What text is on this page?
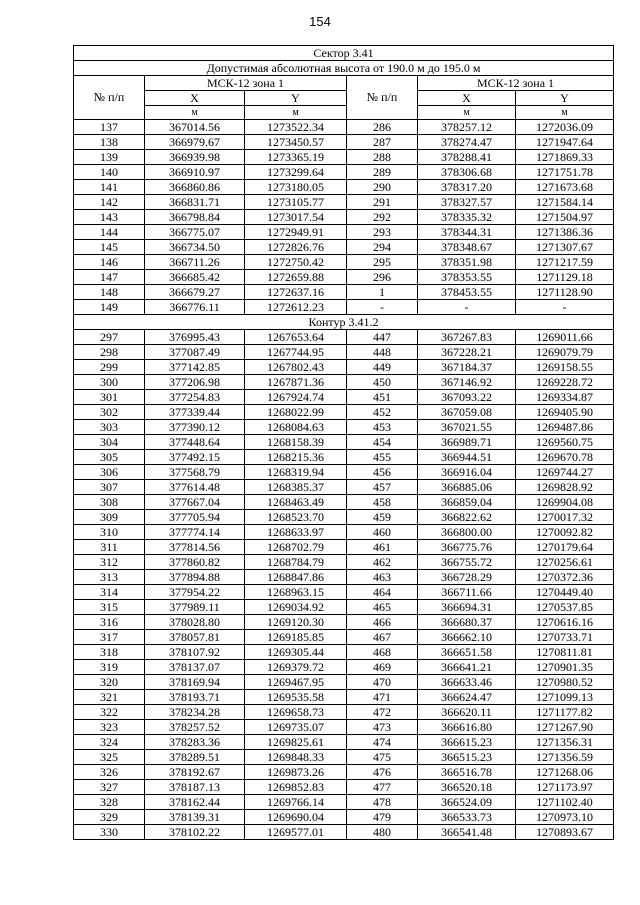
154
Сектор 3.41					
Допустимая абсолютная высота от 190.0 м до 195.0 м					
№ п/п	МСК-12 зона 1		№ п/п	МСК-12 зона 1	
	X	Y		X	Y
	м	м		м	м
137	367014.56	1273522.34	286	378257.12	1272036.09
138	366979.67	1273450.57	287	378274.47	1271947.64
139	366939.98	1273365.19	288	378288.41	1271869.33
140	366910.97	1273299.64	289	378306.68	1271751.78
141	366860.86	1273180.05	290	378317.20	1271673.68
142	366831.71	1273105.77	291	378327.57	1271584.14
143	366798.84	1273017.54	292	378335.32	1271504.97
144	366775.07	1272949.91	293	378344.31	1271386.36
145	366734.50	1272826.76	294	378348.67	1271307.67
146	366711.26	1272750.42	295	378351.98	1271217.59
147	366685.42	1272659.88	296	378353.55	1271129.18
148	366679.27	1272637.16	1	378453.55	1271128.90
149	366776.11	1272612.23	-	-	-
Контур 3.41.2					
297	376995.43	1267653.64	447	367267.83	1269011.66
298	377087.49	1267744.95	448	367228.21	1269079.79
299	377142.85	1267802.43	449	367184.37	1269158.55
300	377206.98	1267871.36	450	367146.92	1269228.72
301	377254.83	1267924.74	451	367093.22	1269334.87
302	377339.44	1268022.99	452	367059.08	1269405.90
303	377390.12	1268084.63	453	367021.55	1269487.86
304	377448.64	1268158.39	454	366989.71	1269560.75
305	377492.15	1268215.36	455	366944.51	1269670.78
306	377568.79	1268319.94	456	366916.04	1269744.27
307	377614.48	1268385.37	457	366885.06	1269828.92
308	377667.04	1268463.49	458	366859.04	1269904.08
309	377705.94	1268523.70	459	366822.62	1270017.32
310	377774.14	1268633.97	460	366800.00	1270092.82
311	377814.56	1268702.79	461	366775.76	1270179.64
312	377860.82	1268784.79	462	366755.72	1270256.61
313	377894.88	1268847.86	463	366728.29	1270372.36
314	377954.22	1268963.15	464	366711.66	1270449.40
315	377989.11	1269034.92	465	366694.31	1270537.85
316	378028.80	1269120.30	466	366680.37	1270616.16
317	378057.81	1269185.85	467	366662.10	1270733.71
318	378107.92	1269305.44	468	366651.58	1270811.81
319	378137.07	1269379.72	469	366641.21	1270901.35
320	378169.94	1269467.95	470	366633.46	1270980.52
321	378193.71	1269535.58	471	366624.47	1271099.13
322	378234.28	1269658.73	472	366620.11	1271177.82
323	378257.52	1269735.07	473	366616.80	1271267.90
324	378283.36	1269825.61	474	366615.23	1271356.31
325	378289.51	1269848.33	475	366515.23	1271356.59
326	378192.67	1269873.26	476	366516.78	1271268.06
327	378187.13	1269852.83	477	366520.18	1271173.97
328	378162.44	1269766.14	478	366524.09	1271102.40
329	378139.31	1269690.04	479	366533.73	1270973.10
330	378102.22	1269577.01	480	366541.48	1270893.67
